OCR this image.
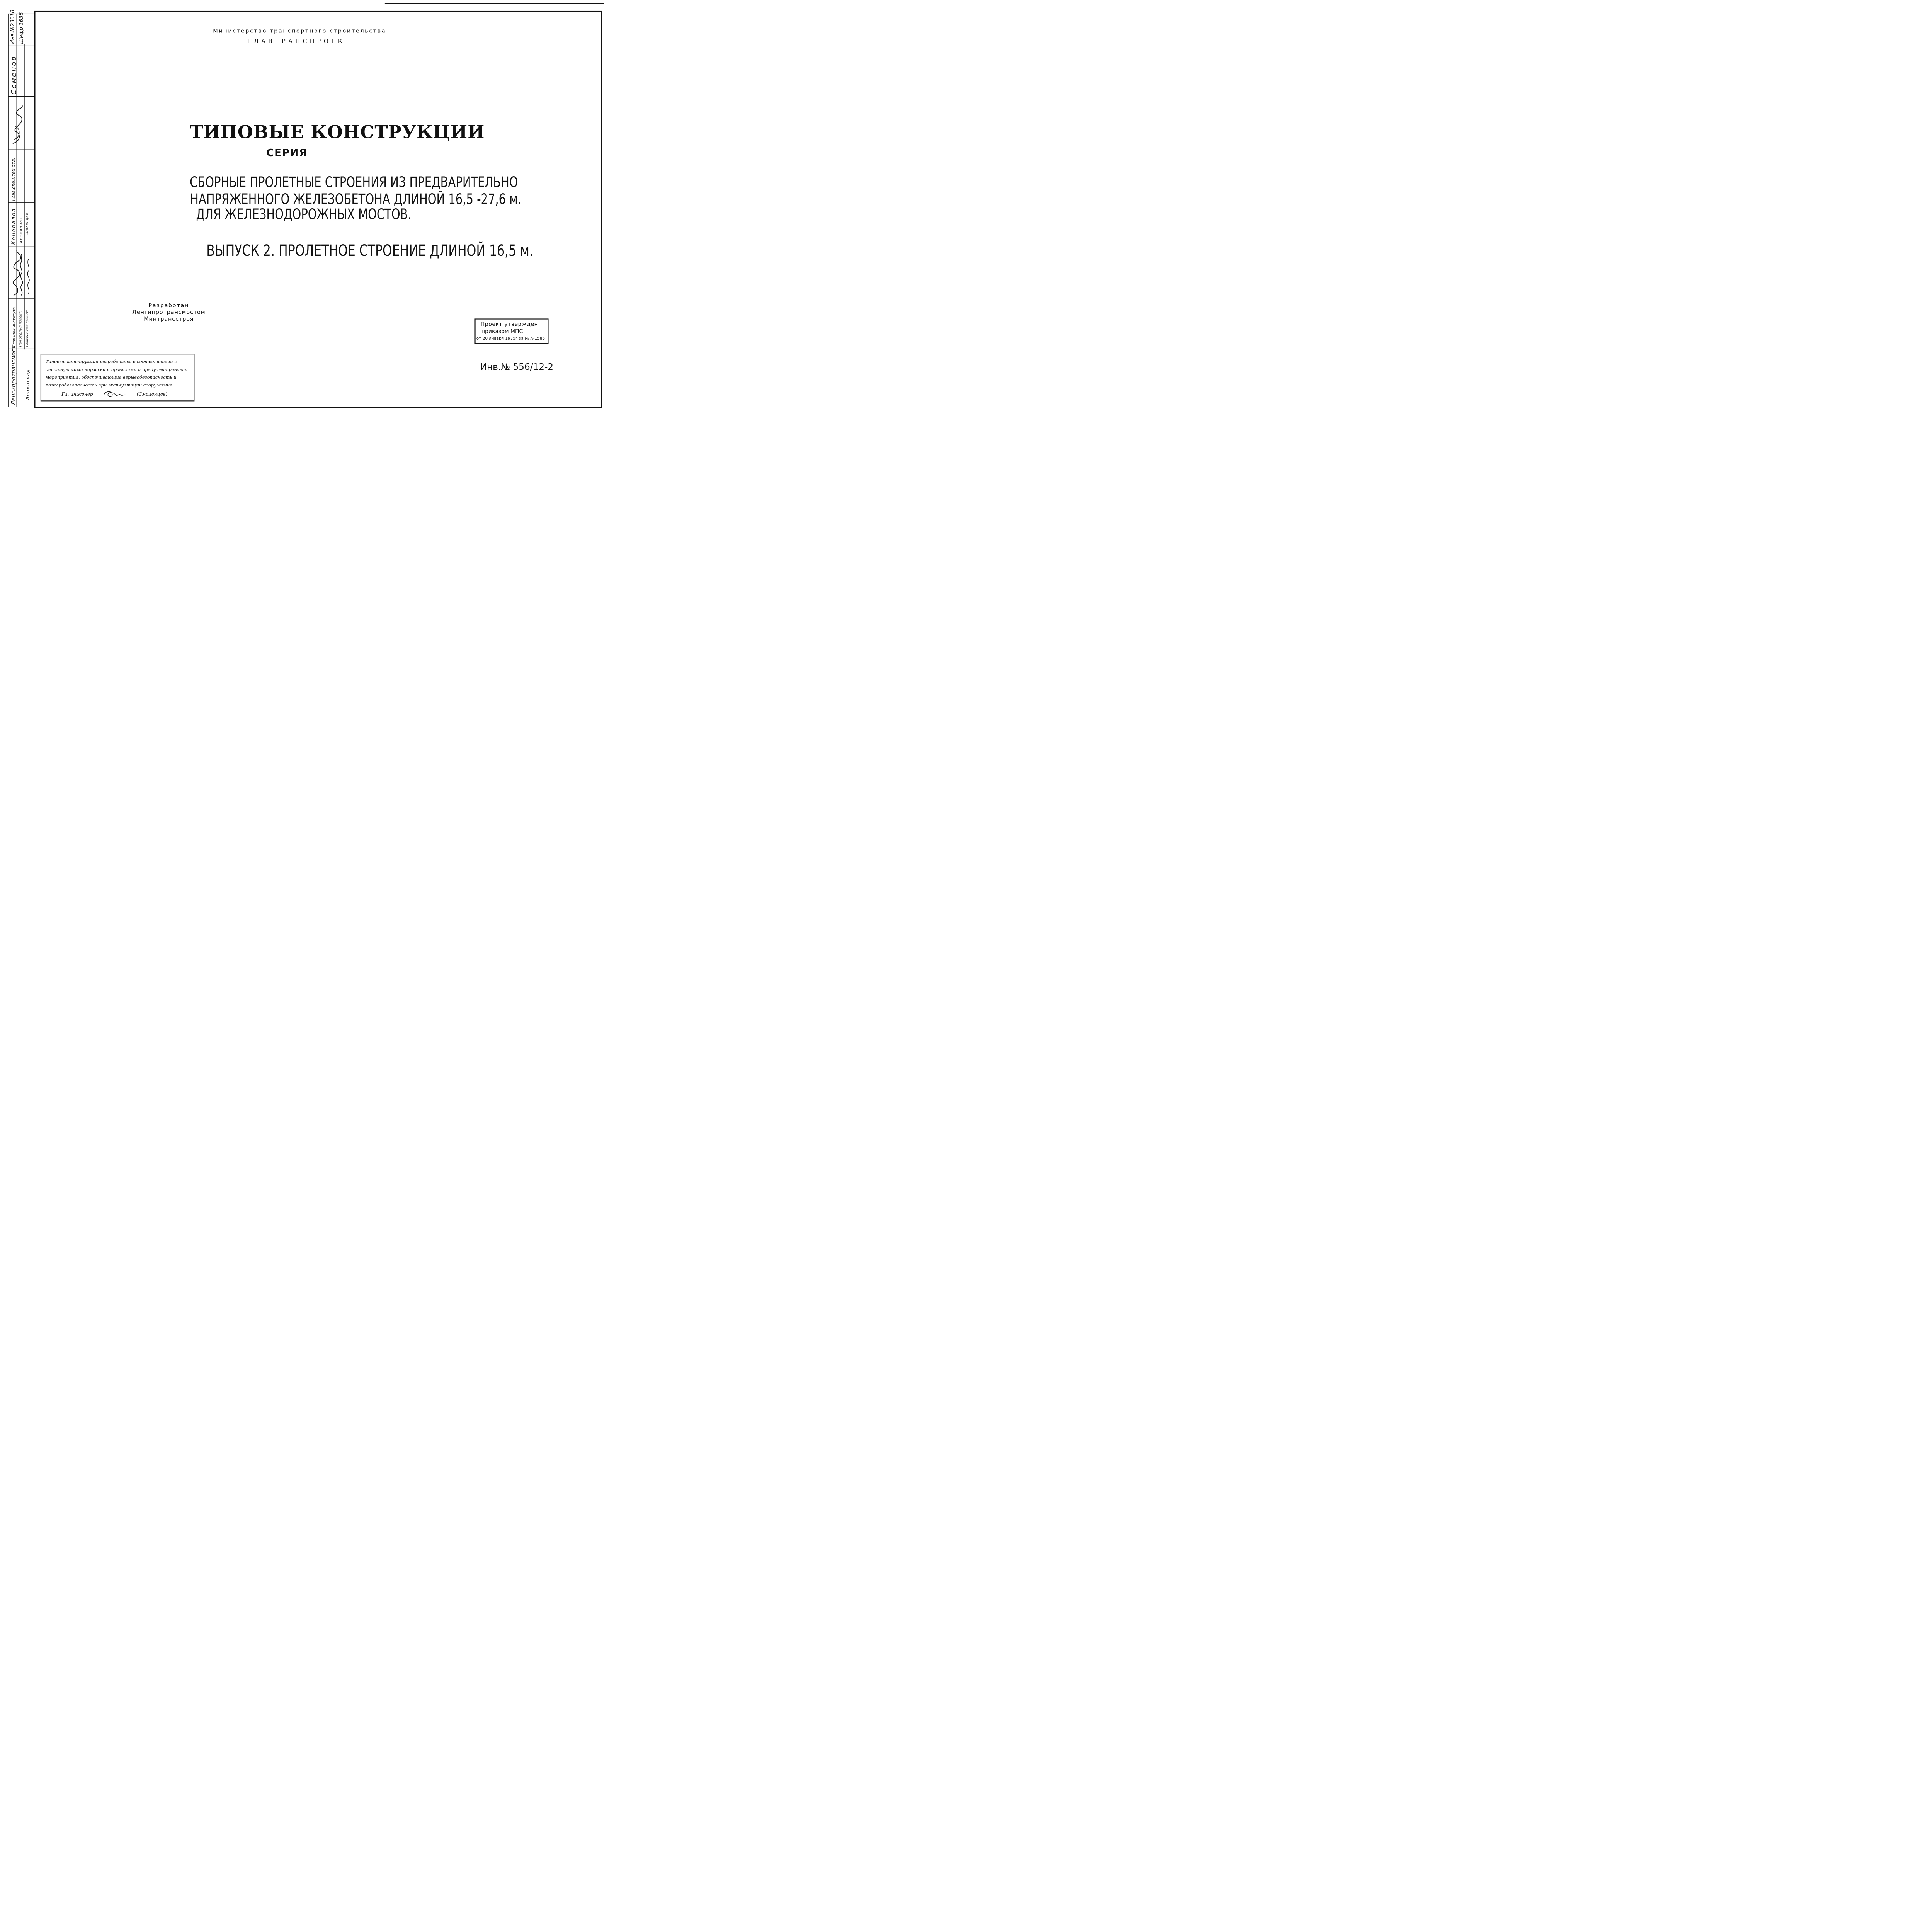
Инв.№23618 Шифр 1635
Семенов
Глав.спец.тех.отд.
Коновалов Артамонов Смоленцев
Глав.инж.института Нач.отд.тип.проект. Главный инж.проекта
Ленгипротрансмост Ленинград
Министерство транспортного строительства
ГЛАВТРАНСПРОЕКТ
ТИПОВЫЕ КОНСТРУКЦИИ
СЕРИЯ
СБОРНЫЕ ПРОЛЕТНЫЕ СТРОЕНИЯ ИЗ ПРЕДВАРИТЕЛЬНО
НАПРЯЖЕННОГО ЖЕЛЕЗОБЕТОНА ДЛИНОЙ 16,5 -27,6 м.
ДЛЯ ЖЕЛЕЗНОДОРОЖНЫХ МОСТОВ.
ВЫПУСК 2. ПРОЛЕТНОЕ СТРОЕНИЕ ДЛИНОЙ 16,5 м.
Разработан
Ленгипротрансмостом
Минтрансстроя
Проект утвержден
приказом МПС
от 20 января 1975г за № А-1586
Инв.№ 556/12-2
Типовые конструкции разработаны в соответствии с действующими нормами и правилами и предусматривают мероприятия, обеспечивающие взрывобезопасность и пожаробезопасность при эксплуатации сооружения.
Гл. инженер (Смоленцев)
